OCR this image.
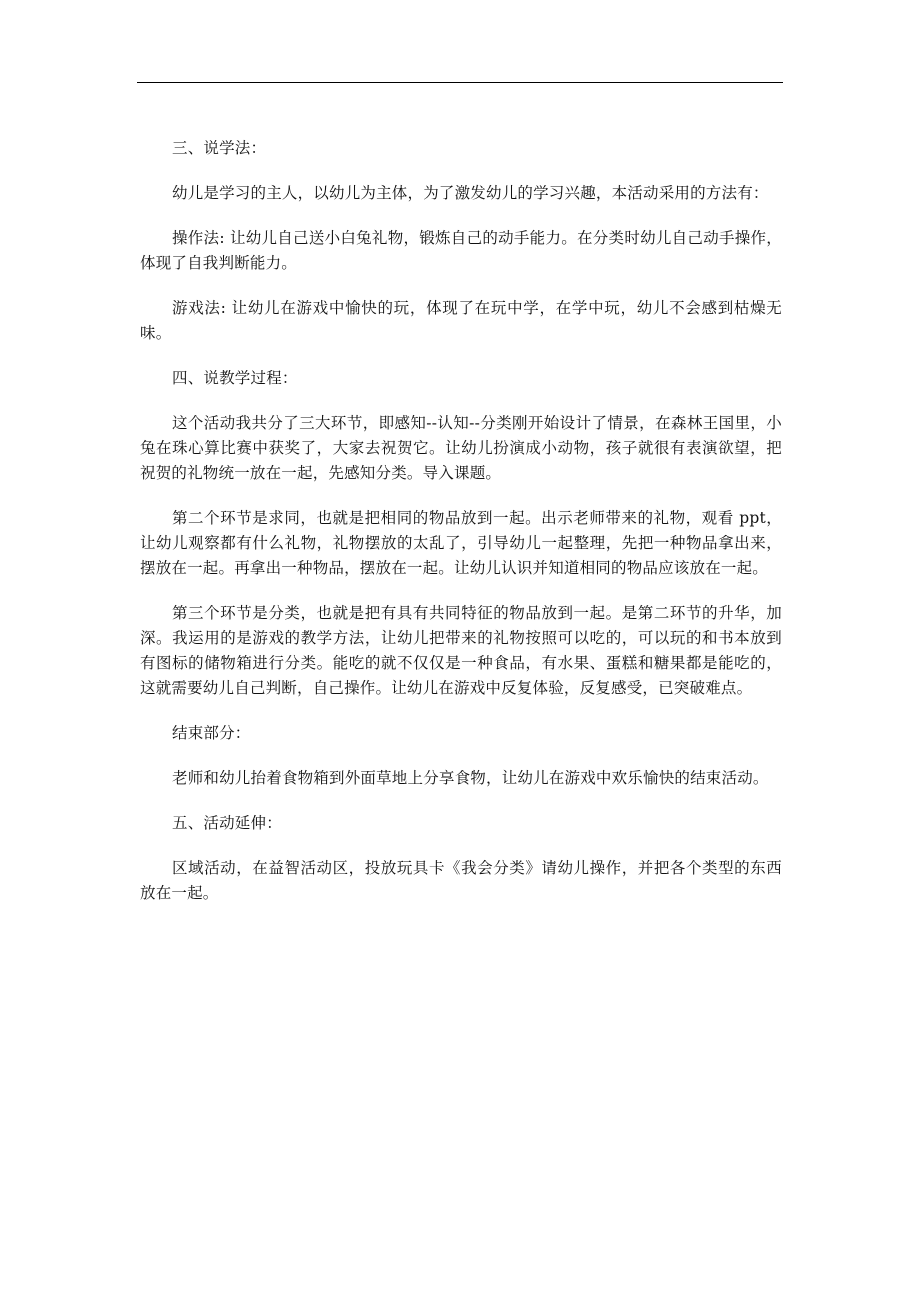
三、说学法：

幼儿是学习的主人，以幼儿为主体，为了激发幼儿的学习兴趣，本活动采用的方法有：

操作法: 让幼儿自己送小白兔礼物，锻炼自己的动手能力。在分类时幼儿自己动手操作，体现了自我判断能力。

游戏法: 让幼儿在游戏中愉快的玩，体现了在玩中学，在学中玩，幼儿不会感到枯燥无味。

四、说教学过程：

这个活动我共分了三大环节，即感知--认知--分类刚开始设计了情景，在森林王国里，小兔在珠心算比赛中获奖了，大家去祝贺它。让幼儿扮演成小动物，孩子就很有表演欲望，把祝贺的礼物统一放在一起，先感知分类。导入课题。

第二个环节是求同，也就是把相同的物品放到一起。出示老师带来的礼物，观看 ppt，让幼儿观察都有什么礼物，礼物摆放的太乱了，引导幼儿一起整理，先把一种物品拿出来，摆放在一起。再拿出一种物品，摆放在一起。让幼儿认识并知道相同的物品应该放在一起。

第三个环节是分类，也就是把有具有共同特征的物品放到一起。是第二环节的升华，加深。我运用的是游戏的教学方法，让幼儿把带来的礼物按照可以吃的，可以玩的和书本放到有图标的储物箱进行分类。能吃的就不仅仅是一种食品，有水果、蛋糕和糖果都是能吃的，这就需要幼儿自己判断，自己操作。让幼儿在游戏中反复体验，反复感受，已突破难点。

结束部分：

老师和幼儿抬着食物箱到外面草地上分享食物，让幼儿在游戏中欢乐愉快的结束活动。

五、活动延伸：

区域活动，在益智活动区，投放玩具卡《我会分类》请幼儿操作，并把各个类型的东西放在一起。
